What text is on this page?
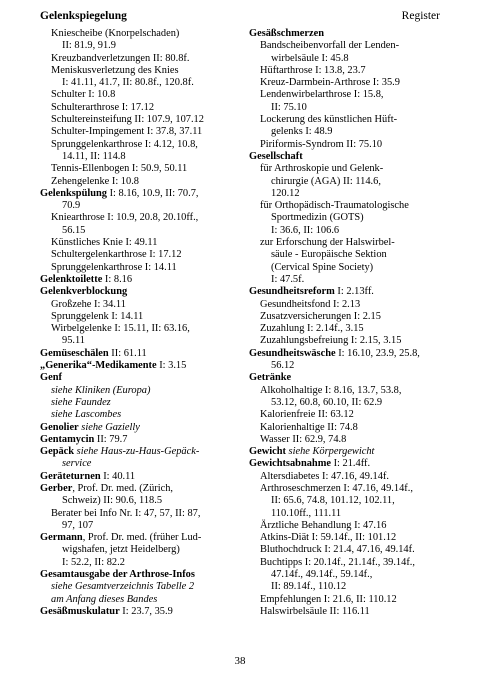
Gelenkspiegelung	Register
Kniescheibe (Knorpelschaden)
II: 81.9, 91.9
Kreuzbandverletzungen II: 80.8f.
Meniskusverletzung des Knies
I: 41.11, 41.7, II: 80.8f., 120.8f.
Schulter I: 10.8
Schulterarthrose I: 17.12
Schultereinsteifung II: 107.9, 107.12
Schulter-Impingement I: 37.8, 37.11
Sprunggelenkarthrose I: 4.12, 10.8,
14.11, II: 114.8
Tennis-Ellenbogen I: 50.9, 50.11
Zehengelenke I: 10.8
Gelenkspülung I: 8.16, 10.9, II: 70.7,
70.9
Kniearthrose I: 10.9, 20.8, 20.10ff.,
56.15
Künstliches Knie I: 49.11
Schultergelenkarthrose I: 17.12
Sprunggelenkarthrose I: 14.11
Gelenktoilette I: 8.16
Gelenkverblockung
Großzehe I: 34.11
Sprunggelenk I: 14.11
Wirbelgelenke I: 15.11, II: 63.16,
95.11
Gemüseschälen II: 61.11
„Generika“-Medikamente I: 3.15
Genf
siehe Kliniken (Europa)
siehe Faundez
siehe Lascombes
Genolier siehe Gazielly
Gentamycin II: 79.7
Gepäck siehe Haus-zu-Haus-Gepäck-
service
Geräteturnen I: 40.11
Gerber, Prof. Dr. med. (Zürich,
Schweiz) II: 90.6, 118.5
Berater bei Info Nr. I: 47, 57, II: 87,
97, 107
Germann, Prof. Dr. med. (früher Lud-
wigshafen, jetzt Heidelberg)
I: 52.2, II: 82.2
Gesamtausgabe der Arthrose-Infos
siehe Gesamtverzeichnis Tabelle 2
am Anfang dieses Bandes
Gesäßmuskulatur I: 23.7, 35.9
Gesäßschmerzen
Bandscheibenvorfall der Lenden-
wirbelsäule I: 45.8
Hüftarthrose I: 13.8, 23.7
Kreuz-Darmbein-Arthrose I: 35.9
Lendenwirbelarthrose I: 15.8,
II: 75.10
Lockerung des künstlichen Hüft-
gelenks I: 48.9
Piriformis-Syndrom II: 75.10
Gesellschaft
für Arthroskopie und Gelenk-
chirurgie (AGA) II: 114.6,
120.12
für Orthopädisch-Traumatologische
Sportmedizin (GOTS)
I: 36.6, II: 106.6
zur Erforschung der Halswirbel-
säule - Europäische Sektion
(Cervical Spine Society)
I: 47.5f.
Gesundheitsreform I: 2.13ff.
Gesundheitsfond I: 2.13
Zusatzversicherungen I: 2.15
Zuzahlung I: 2.14f., 3.15
Zuzahlungsbefreiung I: 2.15, 3.15
Gesundheitswäsche I: 16.10, 23.9, 25.8,
56.12
Getränke
Alkoholhaltige I: 8.16, 13.7, 53.8,
53.12, 60.8, 60.10, II: 62.9
Kalorienfreie II: 63.12
Kalorienhaltige II: 74.8
Wasser II: 62.9, 74.8
Gewicht siehe Körpergewicht
Gewichtsabnahme I: 21.4ff.
Altersdiabetes I: 47.16, 49.14f.
Arthroseschmerzen I: 47.16, 49.14f.,
II: 65.6, 74.8, 101.12, 102.11,
110.10ff., 111.11
Ärztliche Behandlung I: 47.16
Atkins-Diät I: 59.14f., II: 101.12
Bluthochdruck I: 21.4, 47.16, 49.14f.
Buchtipps I: 20.14f., 21.14f., 39.14f.,
47.14f., 49.14f., 59.14f.,
II: 89.14f., 110.12
Empfehlungen I: 21.6, II: 110.12
Halswirbelsäule II: 116.11
38
